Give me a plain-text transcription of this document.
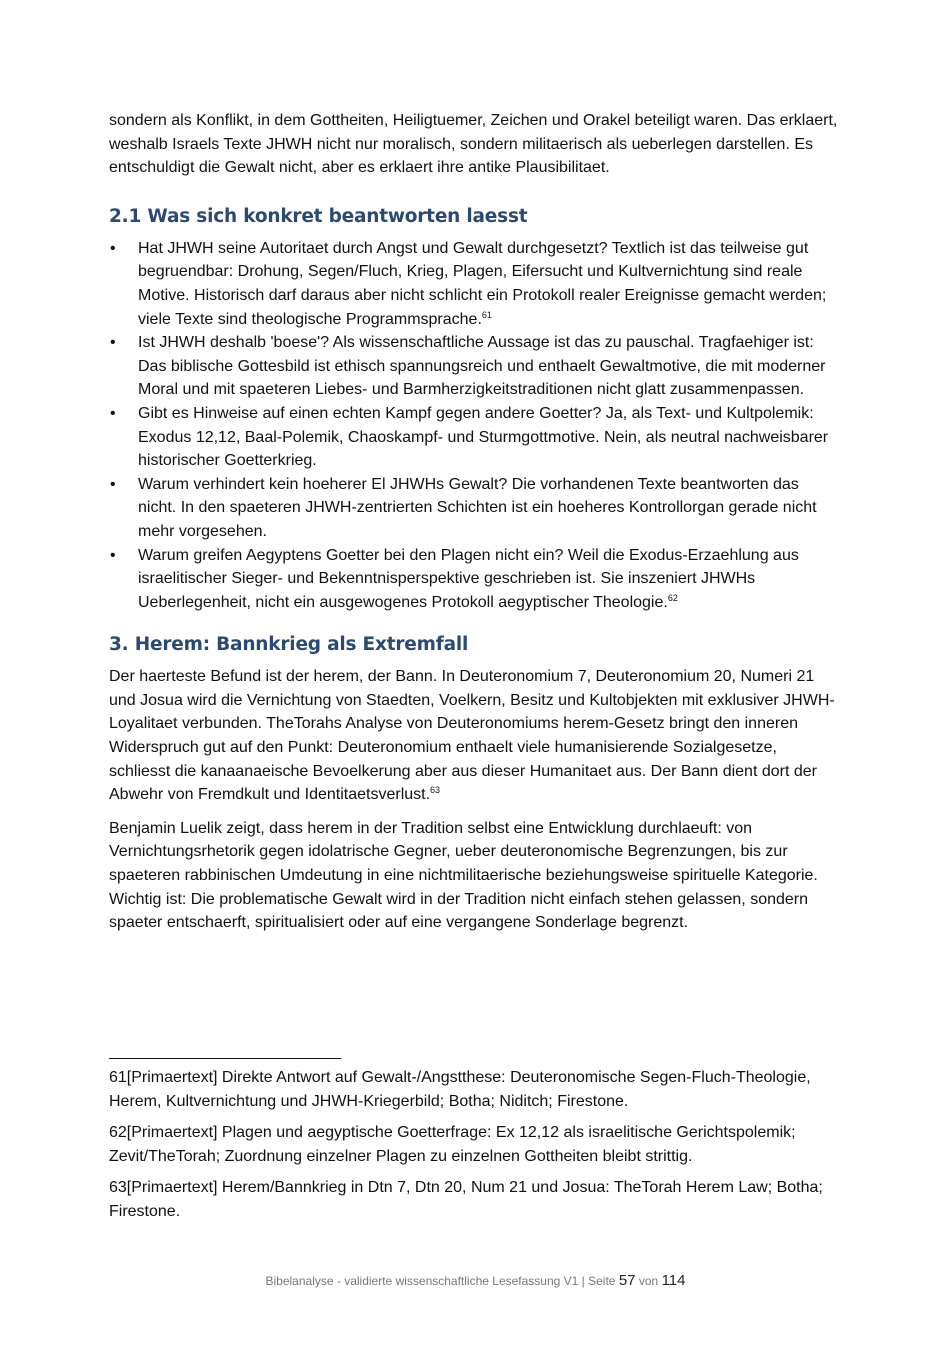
sondern als Konflikt, in dem Gottheiten, Heiligtuemer, Zeichen und Orakel beteiligt waren. Das erklaert, weshalb Israels Texte JHWH nicht nur moralisch, sondern militaerisch als ueberlegen darstellen. Es entschuldigt die Gewalt nicht, aber es erklaert ihre antike Plausibilitaet.

2.1 Was sich konkret beantworten laesst
• Hat JHWH seine Autoritaet durch Angst und Gewalt durchgesetzt? Textlich ist das teilweise gut begruendbar: Drohung, Segen/Fluch, Krieg, Plagen, Eifersucht und Kultvernichtung sind reale Motive. Historisch darf daraus aber nicht schlicht ein Protokoll realer Ereignisse gemacht werden; viele Texte sind theologische Programmsprache.$^{61}$
• Ist JHWH deshalb 'boese'? Als wissenschaftliche Aussage ist das zu pauschal. Tragfaehiger ist: Das biblische Gottesbild ist ethisch spannungsreich und enthaelt Gewaltmotive, die mit moderner Moral und mit spaeteren Liebes- und Barmherzigkeitstraditionen nicht glatt zusammenpassen.
• Gibt es Hinweise auf einen echten Kampf gegen andere Goetter? Ja, als Text- und Kultpolemik: Exodus 12,12, Baal-Polemik, Chaoskampf- und Sturmgottmotive. Nein, als neutral nachweisbarer historischer Goetterkrieg.
• Warum verhindert kein hoeherer El JHWHs Gewalt? Die vorhandenen Texte beantworten das nicht. In den spaeteren JHWH-zentrierten Schichten ist ein hoeheres Kontrollorgan gerade nicht mehr vorgesehen.
• Warum greifen Aegyptens Goetter bei den Plagen nicht ein? Weil die Exodus-Erzaehlung aus israelitischer Sieger- und Bekenntnisperspektive geschrieben ist. Sie inszeniert JHWHs Ueberlegenheit, nicht ein ausgewogenes Protokoll aegyptischer Theologie.$^{62}$
3. Herem: Bannkrieg als Extremfall

Der haerteste Befund ist der herem, der Bann. In Deuteronomium 7, Deuteronomium 20, Numeri 21 und Josua wird die Vernichtung von Staedten, Voelkern, Besitz und Kultobjekten mit exklusiver JHWH-Loyalitaet verbunden. TheTorahs Analyse von Deuteronomiums herem-Gesetz bringt den inneren Widerspruch gut auf den Punkt: Deuteronomium enthaelt viele humanisierende Sozialgesetze, schliesst die kanaanaeische Bevoelkerung aber aus dieser Humanitaet aus. Der Bann dient dort der Abwehr von Fremdkult und Identitaetsverlust.$^{63}$

Benjamin Luelik zeigt, dass herem in der Tradition selbst eine Entwicklung durchlaeuft: von Vernichtungsrhetorik gegen idolatrische Gegner, ueber deuteronomische Begrenzungen, bis zur spaeteren rabbinischen Umdeutung in eine nichtmilitaerische beziehungsweise spirituelle Kategorie. Wichtig ist: Die problematische Gewalt wird in der Tradition nicht einfach stehen gelassen, sondern spaeter entschaerft, spiritualisiert oder auf eine vergangene Sonderlage begrenzt.

61[Primaertext] Direkte Antwort auf Gewalt-/Angstthese: Deuteronomische Segen-Fluch-Theologie, Herem, Kultvernichtung und JHWH-Kriegerbild; Botha; Niditch; Firestone.

62[Primaertext] Plagen und aegyptische Goetterfrage: Ex 12,12 als israelitische Gerichtspolemik; Zevit/TheTorah; Zuordnung einzelner Plagen zu einzelnen Gottheiten bleibt strittig.

63[Primaertext] Herem/Bannkrieg in Dtn 7, Dtn 20, Num 21 und Josua: TheTorah Herem Law; Botha; Firestone.

Bibelanalyse - validierte wissenschaftliche Lesefassung V1 | Seite 57 von 114
